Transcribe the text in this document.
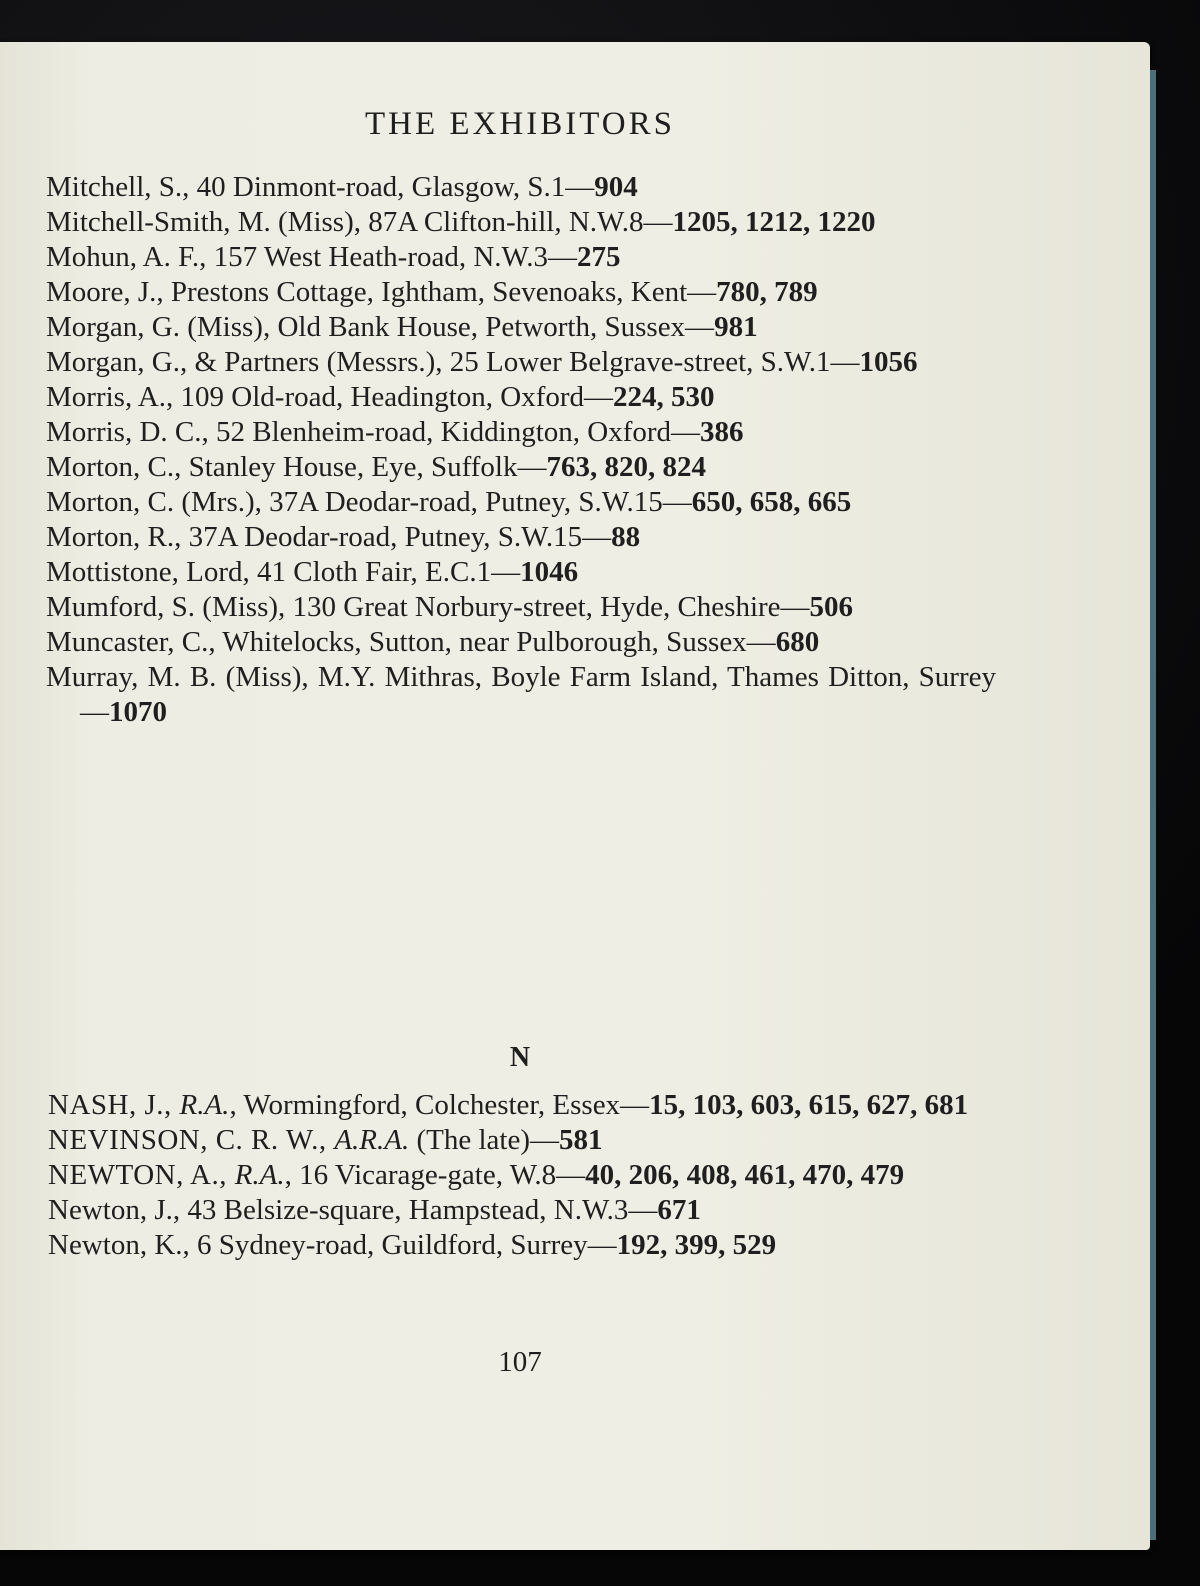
THE EXHIBITORS
Mitchell, S., 40 Dinmont-road, Glasgow, S.1—904
Mitchell-Smith, M. (Miss), 87A Clifton-hill, N.W.8—1205, 1212, 1220
Mohun, A. F., 157 West Heath-road, N.W.3—275
Moore, J., Prestons Cottage, Ightham, Sevenoaks, Kent—780, 789
Morgan, G. (Miss), Old Bank House, Petworth, Sussex—981
Morgan, G., & Partners (Messrs.), 25 Lower Belgrave-street, S.W.1—1056
Morris, A., 109 Old-road, Headington, Oxford—224, 530
Morris, D. C., 52 Blenheim-road, Kiddington, Oxford—386
Morton, C., Stanley House, Eye, Suffolk—763, 820, 824
Morton, C. (Mrs.), 37A Deodar-road, Putney, S.W.15—650, 658, 665
Morton, R., 37A Deodar-road, Putney, S.W.15—88
Mottistone, Lord, 41 Cloth Fair, E.C.1—1046
Mumford, S. (Miss), 130 Great Norbury-street, Hyde, Cheshire—506
Muncaster, C., Whitelocks, Sutton, near Pulborough, Sussex—680
Murray, M. B. (Miss), M.Y. Mithras, Boyle Farm Island, Thames Ditton, Surrey—1070
N
NASH, J., R.A., Wormingford, Colchester, Essex—15, 103, 603, 615, 627, 681
NEVINSON, C. R. W., A.R.A. (The late)—581
NEWTON, A., R.A., 16 Vicarage-gate, W.8—40, 206, 408, 461, 470, 479
Newton, J., 43 Belsize-square, Hampstead, N.W.3—671
Newton, K., 6 Sydney-road, Guildford, Surrey—192, 399, 529
107
